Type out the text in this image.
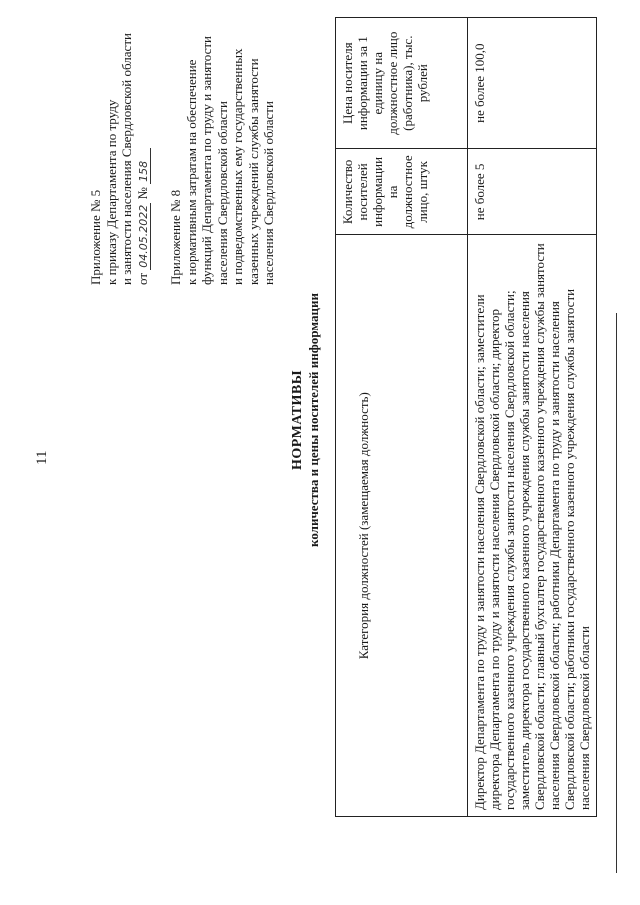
11
Приложение № 5 к приказу Департамента по труду и занятости населения Свердловской области от 04.05.2022 № 158
Приложение № 8 к нормативным затратам на обеспечение функций Департамента по труду и занятости населения Свердловской области и подведомственных ему государственных казенных учреждений службы занятости населения Свердловской области
НОРМАТИВЫ количества и цены носителей информации	Категория должностей (замещаемая должность)	Количество носителей информации на должностное лицо, штук	Цена носителя информации за 1 единицу на должностное лицо (работника), тыс. рублей
Директор Департамента по труду и занятости населения Свердловской области; заместители директора Департамента по труду и занятости населения Свердловской области; директор государственного казенного учреждения службы занятости населения Свердловской области; заместитель директора государственного казенного учреждения службы занятости населения Свердловской области; главный бухгалтер государственного казенного учреждения службы занятости населения Свердловской области; работники Департамента по труду и занятости населения Свердловской области; работники государственного казенного учреждения службы занятости населения Свердловской области	не более 5	не более 100,0
